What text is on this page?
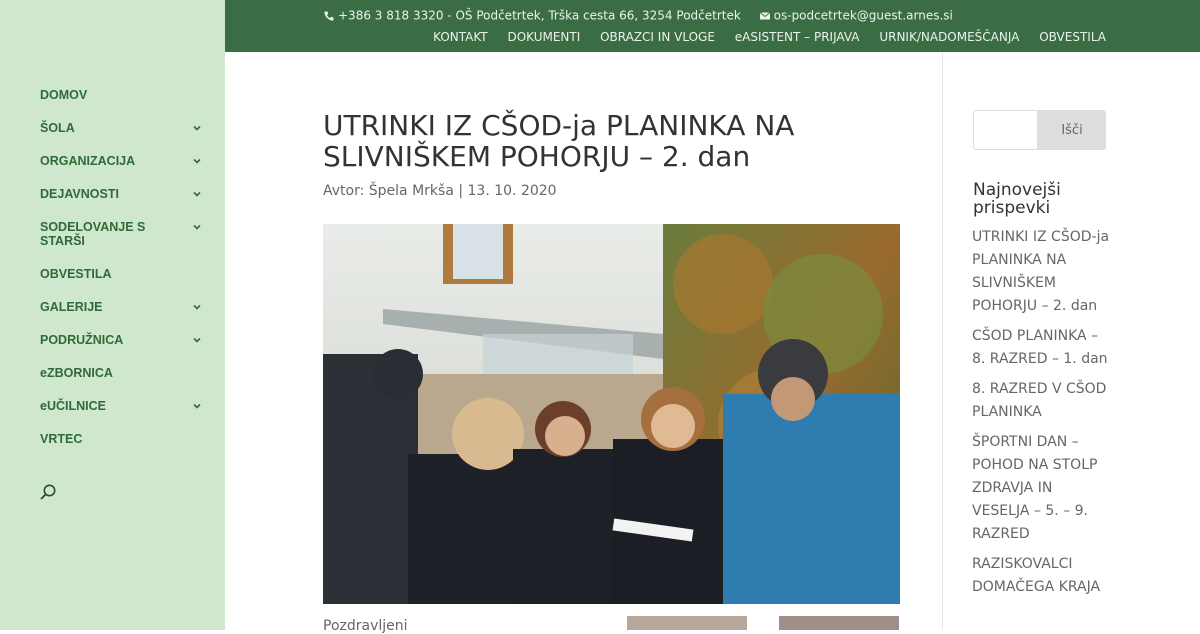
DOMOV
ŠOLA
ORGANIZACIJA
DEJAVNOSTI
SODELOVANJE S STARŠI
OBVESTILA
GALERIJE
PODRUŽNICA
eZBORNICA
eUČILNICE
VRTEC
+386 3 818 3320 - OŠ Podčetrtek, Trška cesta 66, 3254 Podčetrtek	os-podcetrtek@guest.arnes.si
KONTAKT DOKUMENTI OBRAZCI IN VLOGE eASISTENT – PRIJAVA URNIK/NADOMEŠČANJA OBVESTILA
UTRINKI IZ CŠOD-ja PLANINKA NA SLIVNIŠKEM POHORJU – 2. dan
Avtor: Špela Mrkša | 13. 10. 2020
Pozdravljeni
Išči
Najnovejši prispevki
UTRINKI IZ CŠOD-ja PLANINKA NA SLIVNIŠKEM POHORJU – 2. dan
CŠOD PLANINKA – 8. RAZRED – 1. dan
8. RAZRED V CŠOD PLANINKA
ŠPORTNI DAN – POHOD NA STOLP ZDRAVJA IN VESELJA – 5. – 9. RAZRED
RAZISKOVALCI DOMAČEGA KRAJA
